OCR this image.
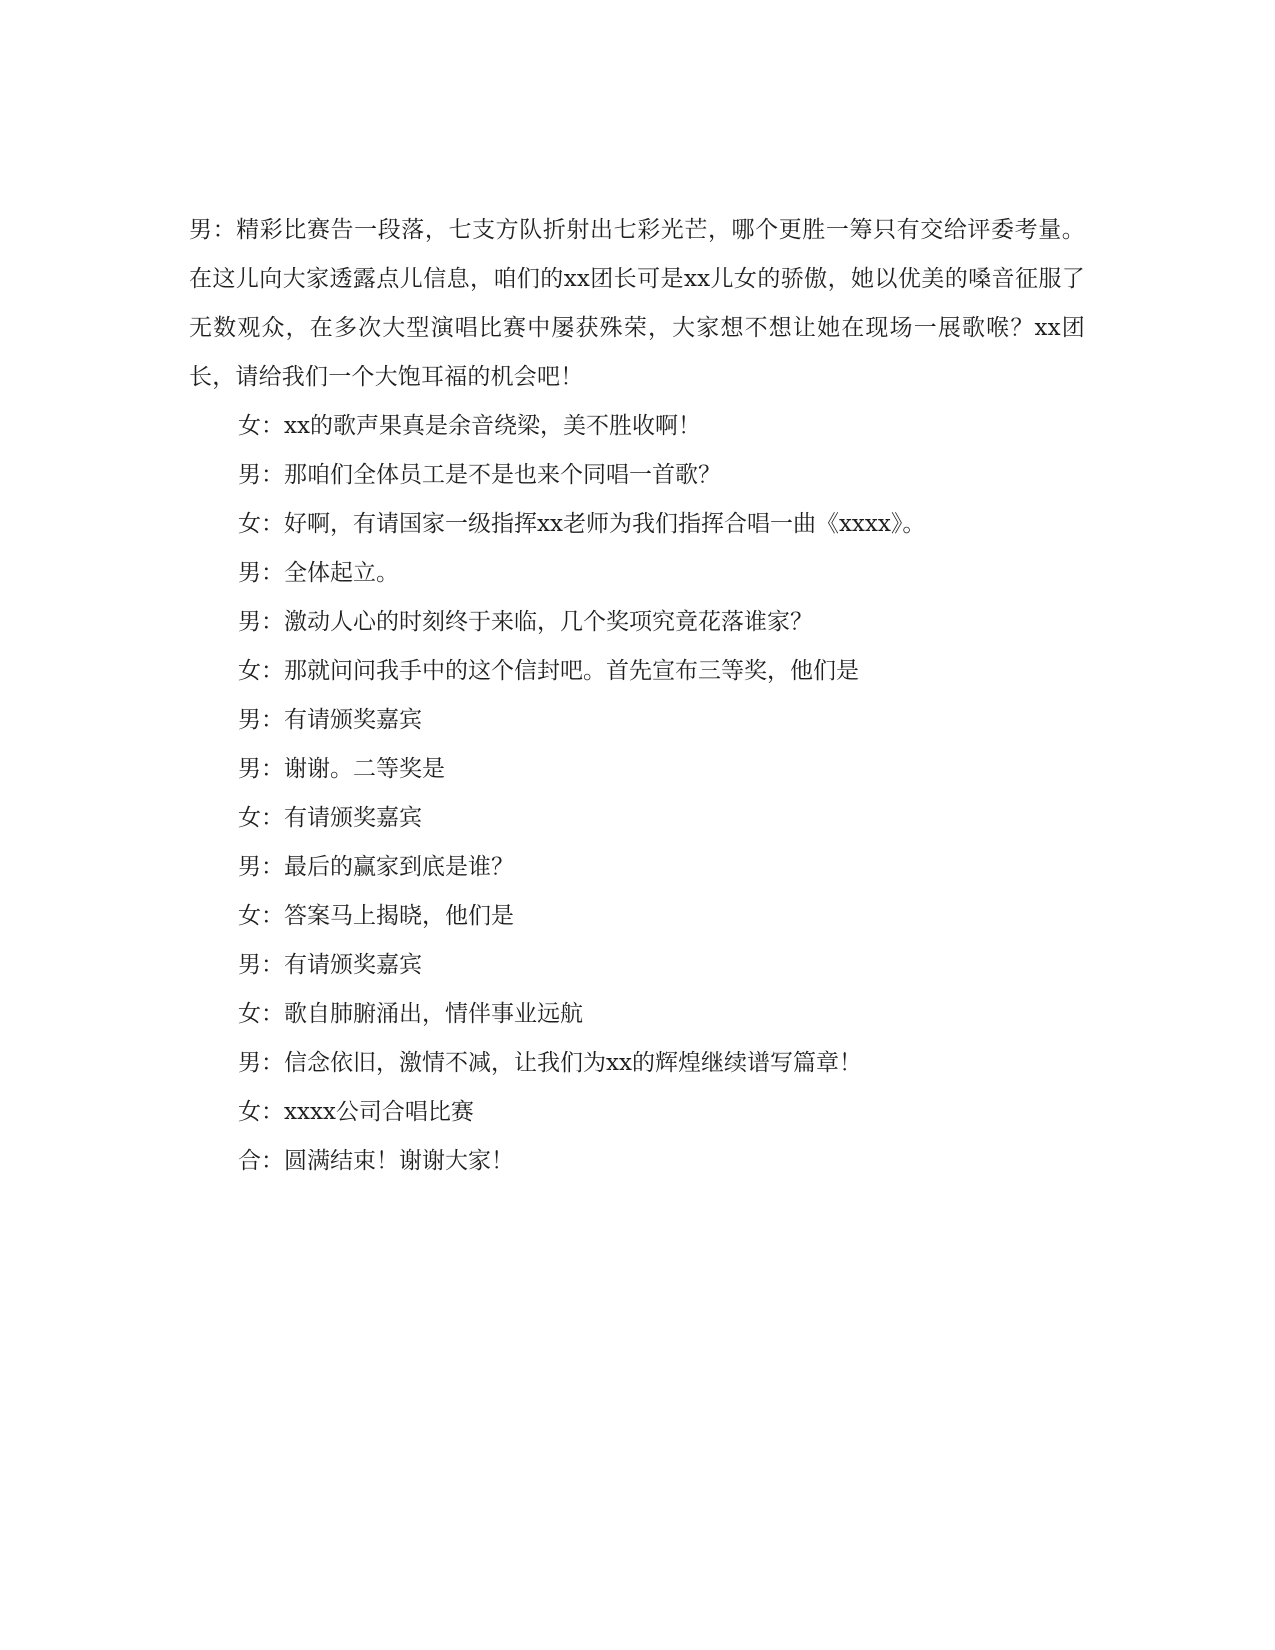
男：精彩比赛告一段落，七支方队折射出七彩光芒，哪个更胜一筹只有交给评委考量。在这儿向大家透露点儿信息，咱们的xx团长可是xx儿女的骄傲，她以优美的嗓音征服了无数观众，在多次大型演唱比赛中屡获殊荣，大家想不想让她在现场一展歌喉？xx团长，请给我们一个大饱耳福的机会吧！

女：xx的歌声果真是余音绕梁，美不胜收啊！

男：那咱们全体员工是不是也来个同唱一首歌？

女：好啊，有请国家一级指挥xx老师为我们指挥合唱一曲《xxxx》。

男：全体起立。

男：激动人心的时刻终于来临，几个奖项究竟花落谁家？

女：那就问问我手中的这个信封吧。首先宣布三等奖，他们是

男：有请颁奖嘉宾

男：谢谢。二等奖是

女：有请颁奖嘉宾

男：最后的赢家到底是谁？

女：答案马上揭晓，他们是

男：有请颁奖嘉宾

女：歌自肺腑涌出，情伴事业远航

男：信念依旧，激情不减，让我们为xx的辉煌继续谱写篇章！

女：xxxx公司合唱比赛

合：圆满结束！谢谢大家！
